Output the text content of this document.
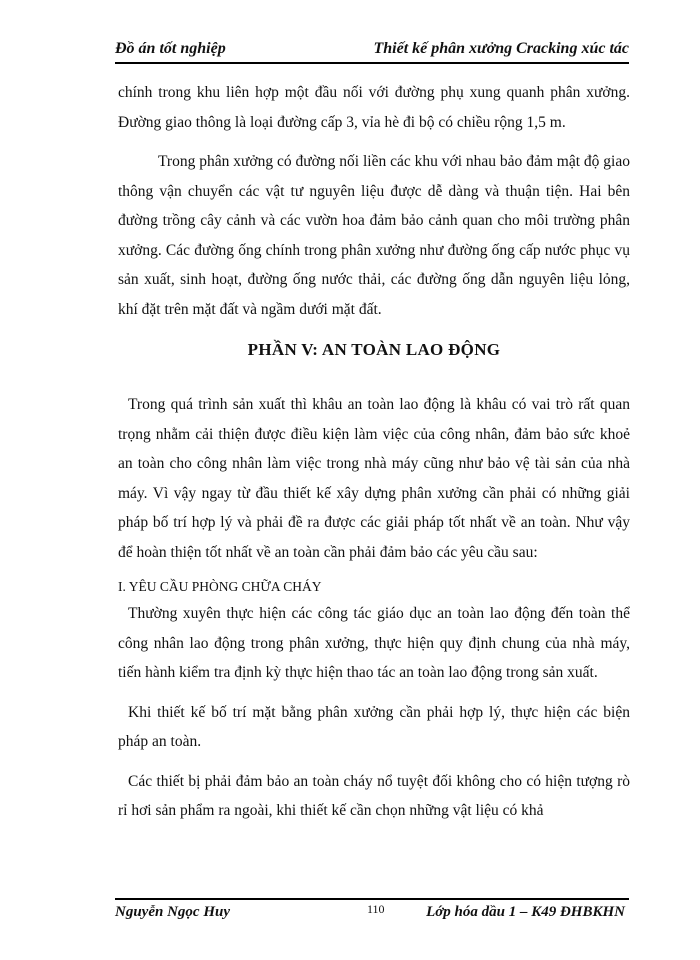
Đồ án tốt nghiệp	Thiết kế phân xưởng Cracking xúc tác

chính trong khu liên hợp một đầu nối với đường phụ xung quanh phân xưởng. Đường giao thông là loại đường cấp 3, vỉa hè đi bộ có chiều rộng 1,5 m.

Trong phân xưởng có đường nối liền các khu với nhau bảo đảm mật độ giao thông vận chuyển các vật tư nguyên liệu được dễ dàng và thuận tiện. Hai bên đường trồng cây cảnh và các vườn hoa đảm bảo cảnh quan cho môi trường phân xưởng. Các đường ống chính trong phân xưởng như đường ống cấp nước phục vụ sản xuất, sinh hoạt, đường ống nước thải, các đường ống dẫn nguyên liệu lỏng, khí đặt trên mặt đất và ngầm dưới mặt đất.

PHẦN V: AN TOÀN LAO ĐỘNG

Trong quá trình sản xuất thì khâu an toàn lao động là khâu có vai trò rất quan trọng nhằm cải thiện được điều kiện làm việc của công nhân, đảm bảo sức khoẻ an toàn cho công nhân làm việc trong nhà máy cũng như bảo vệ tài sản của nhà máy. Vì vậy ngay từ đầu thiết kế xây dựng phân xưởng cần phải có những giải pháp bố trí hợp lý và phải đề ra được các giải pháp tốt nhất về an toàn. Như vậy để hoàn thiện tốt nhất về an toàn cần phải đảm bảo các yêu cầu sau:

I. YÊU CẦU PHÒNG CHỮA CHÁY

Thường xuyên thực hiện các công tác giáo dục an toàn lao động đến toàn thể công nhân lao động trong phân xưởng, thực hiện quy định chung của nhà máy, tiến hành kiểm tra định kỳ thực hiện thao tác an toàn lao động trong sản xuất.

Khi thiết kế bố trí mặt bằng phân xưởng cần phải hợp lý, thực hiện các biện pháp an toàn.

Các thiết bị phải đảm bảo an toàn cháy nổ tuyệt đối không cho có hiện tượng rò rỉ hơi sản phẩm ra ngoài, khi thiết kế cần chọn những vật liệu có khả

Nguyễn Ngọc Huy	110	Lớp hóa dầu 1 – K49 ĐHBKHN
